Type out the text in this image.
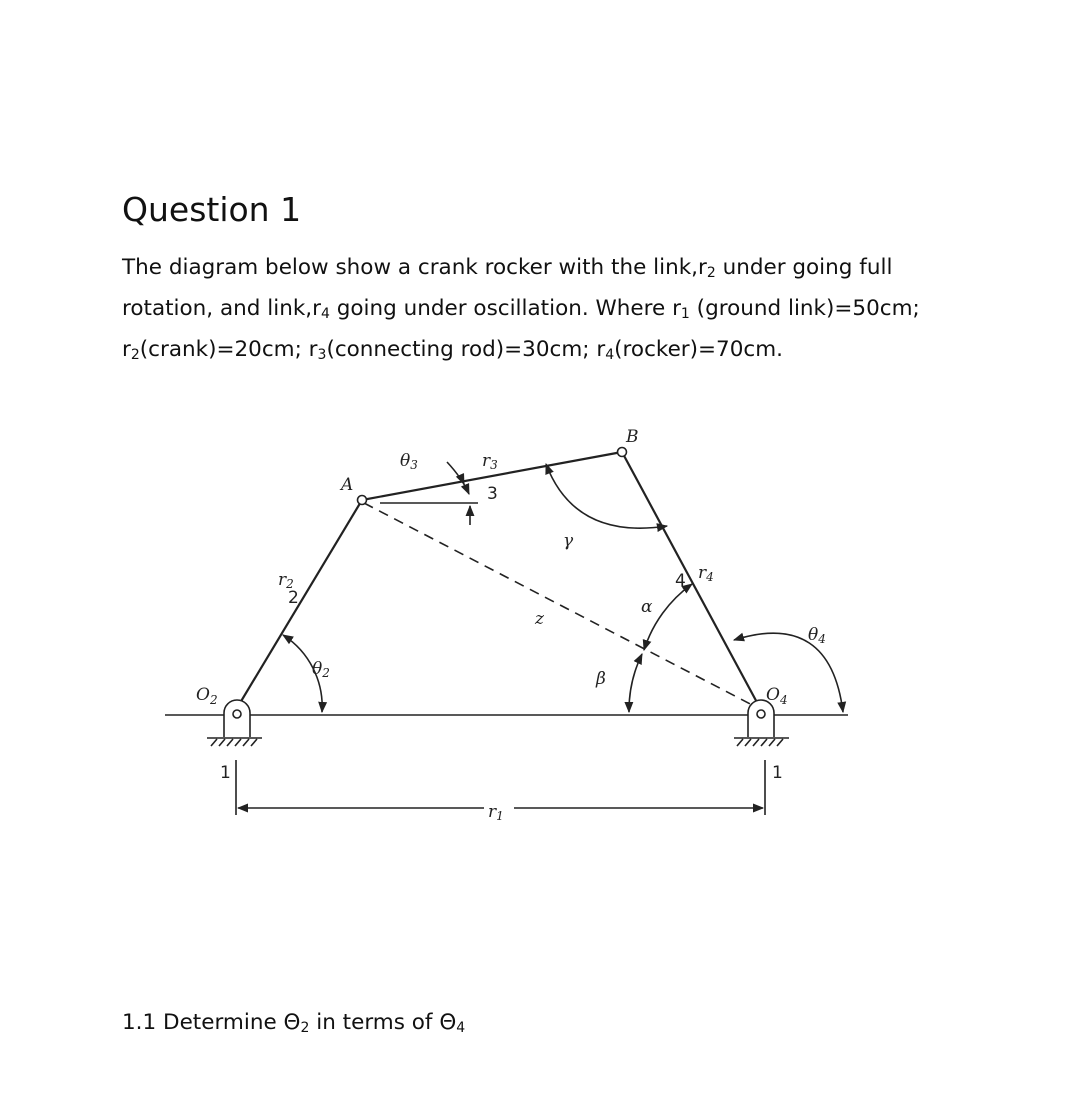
Question 1
The diagram below show a crank rocker with the $link,r_2$ under going full
rotation, and $link,r_4$ going under oscillation. Where $r_1$ (ground link)=50cm;
$r_2(crank)=20cm$; $r_3(connecting$ rod)=30cm; $r_4(rocker)=70cm$.
A
B
$O_2$	$O_4$
r2
r3
r4
r1
2
3
4
1	1
θ2
θ3
θ4
α
β
γ
z
1.1 Determine $\Theta_2$ in terms of $\Theta_4$
